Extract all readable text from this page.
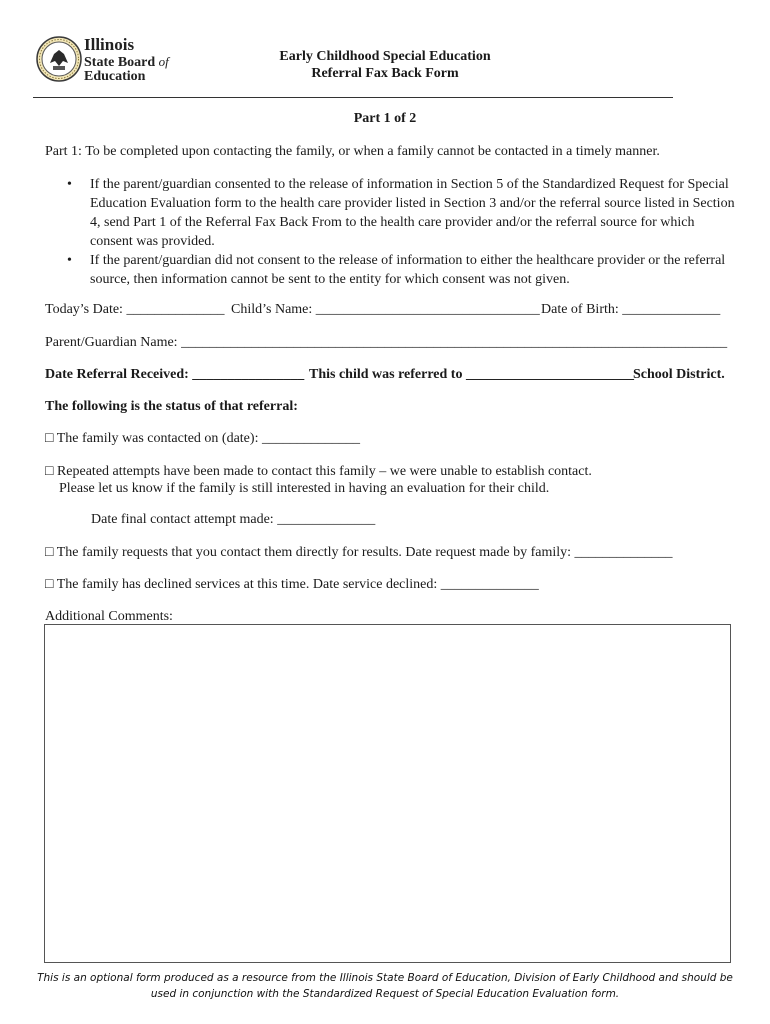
Illinois
State Board of
Education
Early Childhood Special Education
Referral Fax Back Form
Part 1 of 2
Part 1: To be completed upon contacting the family, or when a family cannot be contacted in a timely manner.
• If the parent/guardian consented to the release of information in Section 5 of the Standardized Request for Special Education Evaluation form to the health care provider listed in Section 3 and/or the referral source listed in Section 4, send Part 1 of the Referral Fax Back From to the health care provider and/or the referral source for which consent was provided.
• If the parent/guardian did not consent to the release of information to either the healthcare provider or the referral source, then information cannot be sent to the entity for which consent was not given.
Today’s Date: ______________ Child’s Name: ________________________________ Date of Birth: ______________
Parent/Guardian Name: ______________________________________________________________________________
Date Referral Received: ________________ This child was referred to ________________________ School District.
The following is the status of that referral:
□ The family was contacted on (date): ______________
□ Repeated attempts have been made to contact this family – we were unable to establish contact.
Please let us know if the family is still interested in having an evaluation for their child.
Date final contact attempt made: ______________
□ The family requests that you contact them directly for results. Date request made by family: ______________
□ The family has declined services at this time. Date service declined: ______________
Additional Comments:
This is an optional form produced as a resource from the Illinois State Board of Education, Division of Early Childhood and should be
used in conjunction with the Standardized Request of Special Education Evaluation form.
